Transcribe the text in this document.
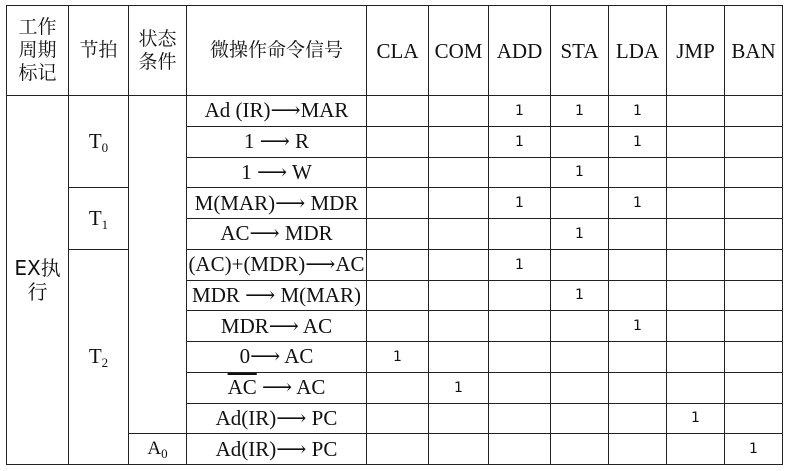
工作周期标记	节拍	状态条件	微操作命令信号	CLA	COM	ADD	STA	LDA	JMP	BAN
EX执行	$T_0$		Ad (IR)⟶MAR			1	1	1		
			1 ⟶ R			1		1		
			1 ⟶ W				1			
	$T_1$		M(MAR)⟶ MDR			1		1		
			AC⟶ MDR				1			
	$T_2$		(AC)+(MDR)⟶AC			1				
			MDR ⟶ M(MAR)				1			
			MDR⟶ AC					1		
			0⟶ AC	1						
			$\overline{AC}$ ⟶ AC		1					
			Ad(IR)⟶ PC						1	
		$A_0$	Ad(IR)⟶ PC							1
